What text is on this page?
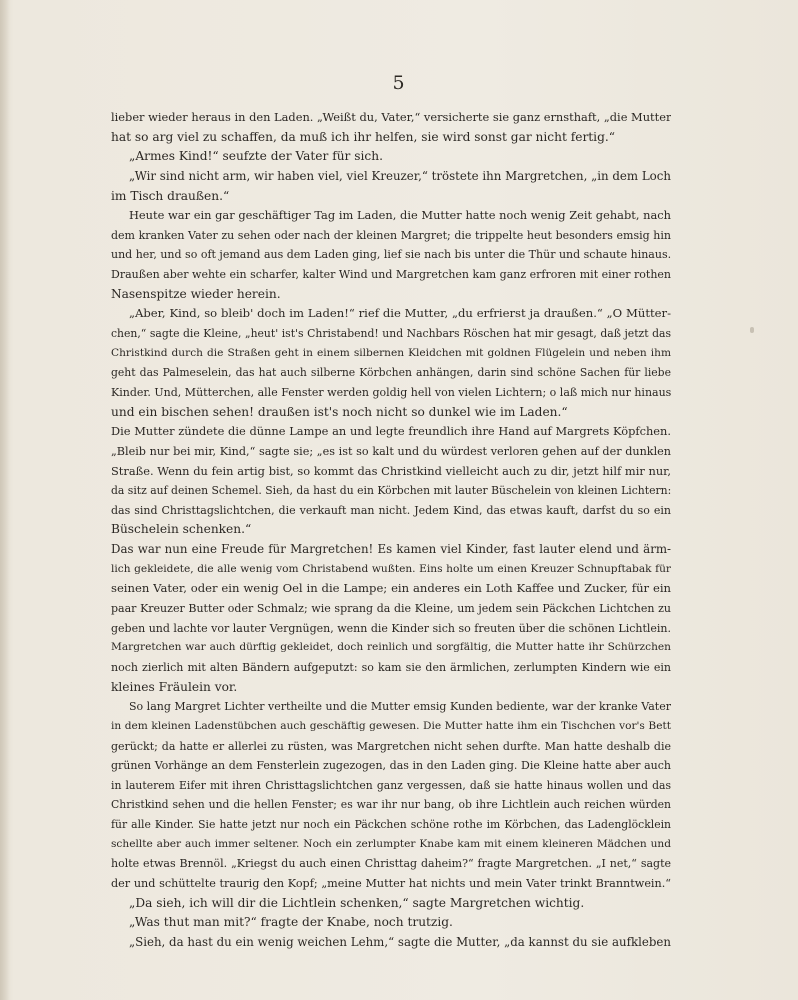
5
lieber wieder heraus in den Laden. „Weißt du, Vater,“ versicherte sie ganz ernsthaft, „die Mutter
hat so arg viel zu schaffen, da muß ich ihr helfen, sie wird sonst gar nicht fertig.“
„Armes Kind!“ seufzte der Vater für sich.
„Wir sind nicht arm, wir haben viel, viel Kreuzer,“ tröstete ihn Margretchen, „in dem Loch
im Tisch draußen.“
Heute war ein gar geschäftiger Tag im Laden, die Mutter hatte noch wenig Zeit gehabt, nach
dem kranken Vater zu sehen oder nach der kleinen Margret; die trippelte heut besonders emsig hin
und her, und so oft jemand aus dem Laden ging, lief sie nach bis unter die Thür und schaute hinaus.
Draußen aber wehte ein scharfer, kalter Wind und Margretchen kam ganz erfroren mit einer rothen
Nasenspitze wieder herein.
„Aber, Kind, so bleib' doch im Laden!“ rief die Mutter, „du erfrierst ja draußen.“ „O Mütter-
chen,“ sagte die Kleine, „heut' ist's Christabend! und Nachbars Röschen hat mir gesagt, daß jetzt das
Christkind durch die Straßen geht in einem silbernen Kleidchen mit goldnen Flügelein und neben ihm
geht das Palmeselein, das hat auch silberne Körbchen anhängen, darin sind schöne Sachen für liebe
Kinder. Und, Mütterchen, alle Fenster werden goldig hell von vielen Lichtern; o laß mich nur hinaus
und ein bischen sehen! draußen ist's noch nicht so dunkel wie im Laden.“
Die Mutter zündete die dünne Lampe an und legte freundlich ihre Hand auf Margrets Köpfchen.
„Bleib nur bei mir, Kind,“ sagte sie; „es ist so kalt und du würdest verloren gehen auf der dunklen
Straße. Wenn du fein artig bist, so kommt das Christkind vielleicht auch zu dir, jetzt hilf mir nur,
da sitz auf deinen Schemel. Sieh, da hast du ein Körbchen mit lauter Büschelein von kleinen Lichtern:
das sind Christtagslichtchen, die verkauft man nicht. Jedem Kind, das etwas kauft, darfst du so ein
Büschelein schenken.“
Das war nun eine Freude für Margretchen! Es kamen viel Kinder, fast lauter elend und ärm-
lich gekleidete, die alle wenig vom Christabend wußten. Eins holte um einen Kreuzer Schnupftabak für
seinen Vater, oder ein wenig Oel in die Lampe; ein anderes ein Loth Kaffee und Zucker, für ein
paar Kreuzer Butter oder Schmalz; wie sprang da die Kleine, um jedem sein Päckchen Lichtchen zu
geben und lachte vor lauter Vergnügen, wenn die Kinder sich so freuten über die schönen Lichtlein.
Margretchen war auch dürftig gekleidet, doch reinlich und sorgfältig, die Mutter hatte ihr Schürzchen
noch zierlich mit alten Bändern aufgeputzt: so kam sie den ärmlichen, zerlumpten Kindern wie ein
kleines Fräulein vor.
So lang Margret Lichter vertheilte und die Mutter emsig Kunden bediente, war der kranke Vater
in dem kleinen Ladenstübchen auch geschäftig gewesen. Die Mutter hatte ihm ein Tischchen vor's Bett
gerückt; da hatte er allerlei zu rüsten, was Margretchen nicht sehen durfte. Man hatte deshalb die
grünen Vorhänge an dem Fensterlein zugezogen, das in den Laden ging. Die Kleine hatte aber auch
in lauterem Eifer mit ihren Christtagslichtchen ganz vergessen, daß sie hatte hinaus wollen und das
Christkind sehen und die hellen Fenster; es war ihr nur bang, ob ihre Lichtlein auch reichen würden
für alle Kinder. Sie hatte jetzt nur noch ein Päckchen schöne rothe im Körbchen, das Ladenglöcklein
schellte aber auch immer seltener. Noch ein zerlumpter Knabe kam mit einem kleineren Mädchen und
holte etwas Brennöl. „Kriegst du auch einen Christtag daheim?“ fragte Margretchen. „I net,“ sagte
der und schüttelte traurig den Kopf; „meine Mutter hat nichts und mein Vater trinkt Branntwein.“
„Da sieh, ich will dir die Lichtlein schenken,“ sagte Margretchen wichtig.
„Was thut man mit?“ fragte der Knabe, noch trutzig.
„Sieh, da hast du ein wenig weichen Lehm,“ sagte die Mutter, „da kannst du sie aufkleben
